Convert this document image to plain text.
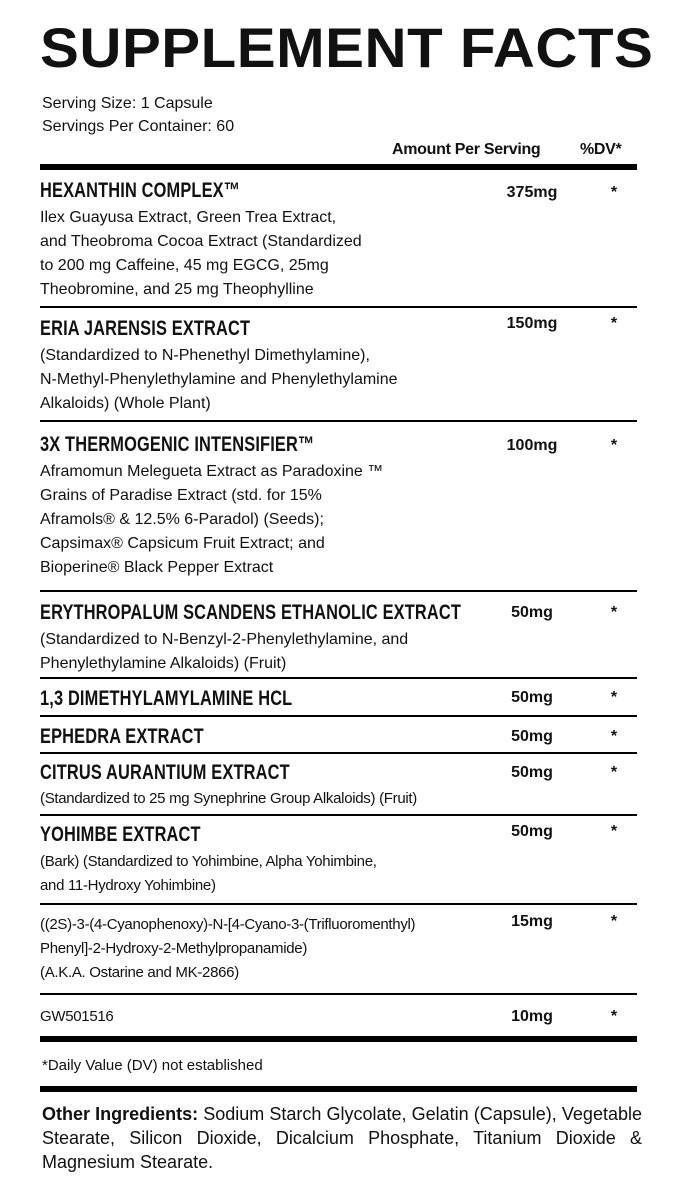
SUPPLEMENT FACTS
Serving Size: 1 Capsule
Servings Per Container: 60
Amount Per Serving %DV*
HEXANTHIN COMPLEX™
Ilex Guayusa Extract, Green Trea Extract,
and Theobroma Cocoa Extract (Standardized
to 200 mg Caffeine, 45 mg EGCG, 25mg
Theobromine, and 25 mg Theophylline
375mg	*
ERIA JARENSIS EXTRACT
(Standardized to N-Phenethyl Dimethylamine),
N-Methyl-Phenylethylamine and Phenylethylamine
Alkaloids) (Whole Plant)
150mg	*
3X THERMOGENIC INTENSIFIER™
Aframomun Melegueta Extract as Paradoxine ™
Grains of Paradise Extract (std. for 15%
Aframols® & 12.5% 6-Paradol) (Seeds);
Capsimax® Capsicum Fruit Extract; and
Bioperine® Black Pepper Extract
100mg	*
ERYTHROPALUM SCANDENS ETHANOLIC EXTRACT
(Standardized to N-Benzyl-2-Phenylethylamine, and
Phenylethylamine Alkaloids) (Fruit)
50mg	*
1,3 DIMETHYLAMYLAMINE HCL	50mg	*
EPHEDRA EXTRACT	50mg	*
CITRUS AURANTIUM EXTRACT
(Standardized to 25 mg Synephrine Group Alkaloids) (Fruit)
50mg	*
YOHIMBE EXTRACT
(Bark) (Standardized to Yohimbine, Alpha Yohimbine,
and 11-Hydroxy Yohimbine)
50mg	*
((2S)-3-(4-Cyanophenoxy)-N-[4-Cyano-3-(Trifluoromenthyl)
Phenyl]-2-Hydroxy-2-Methylpropanamide)
(A.K.A. Ostarine and MK-2866)
15mg	*
GW501516	10mg	*
*Daily Value (DV) not established
Other Ingredients: Sodium Starch Glycolate, Gelatin (Capsule), Vegetable Stearate, Silicon Dioxide, Dicalcium Phosphate, Titanium Dioxide & Magnesium Stearate.
